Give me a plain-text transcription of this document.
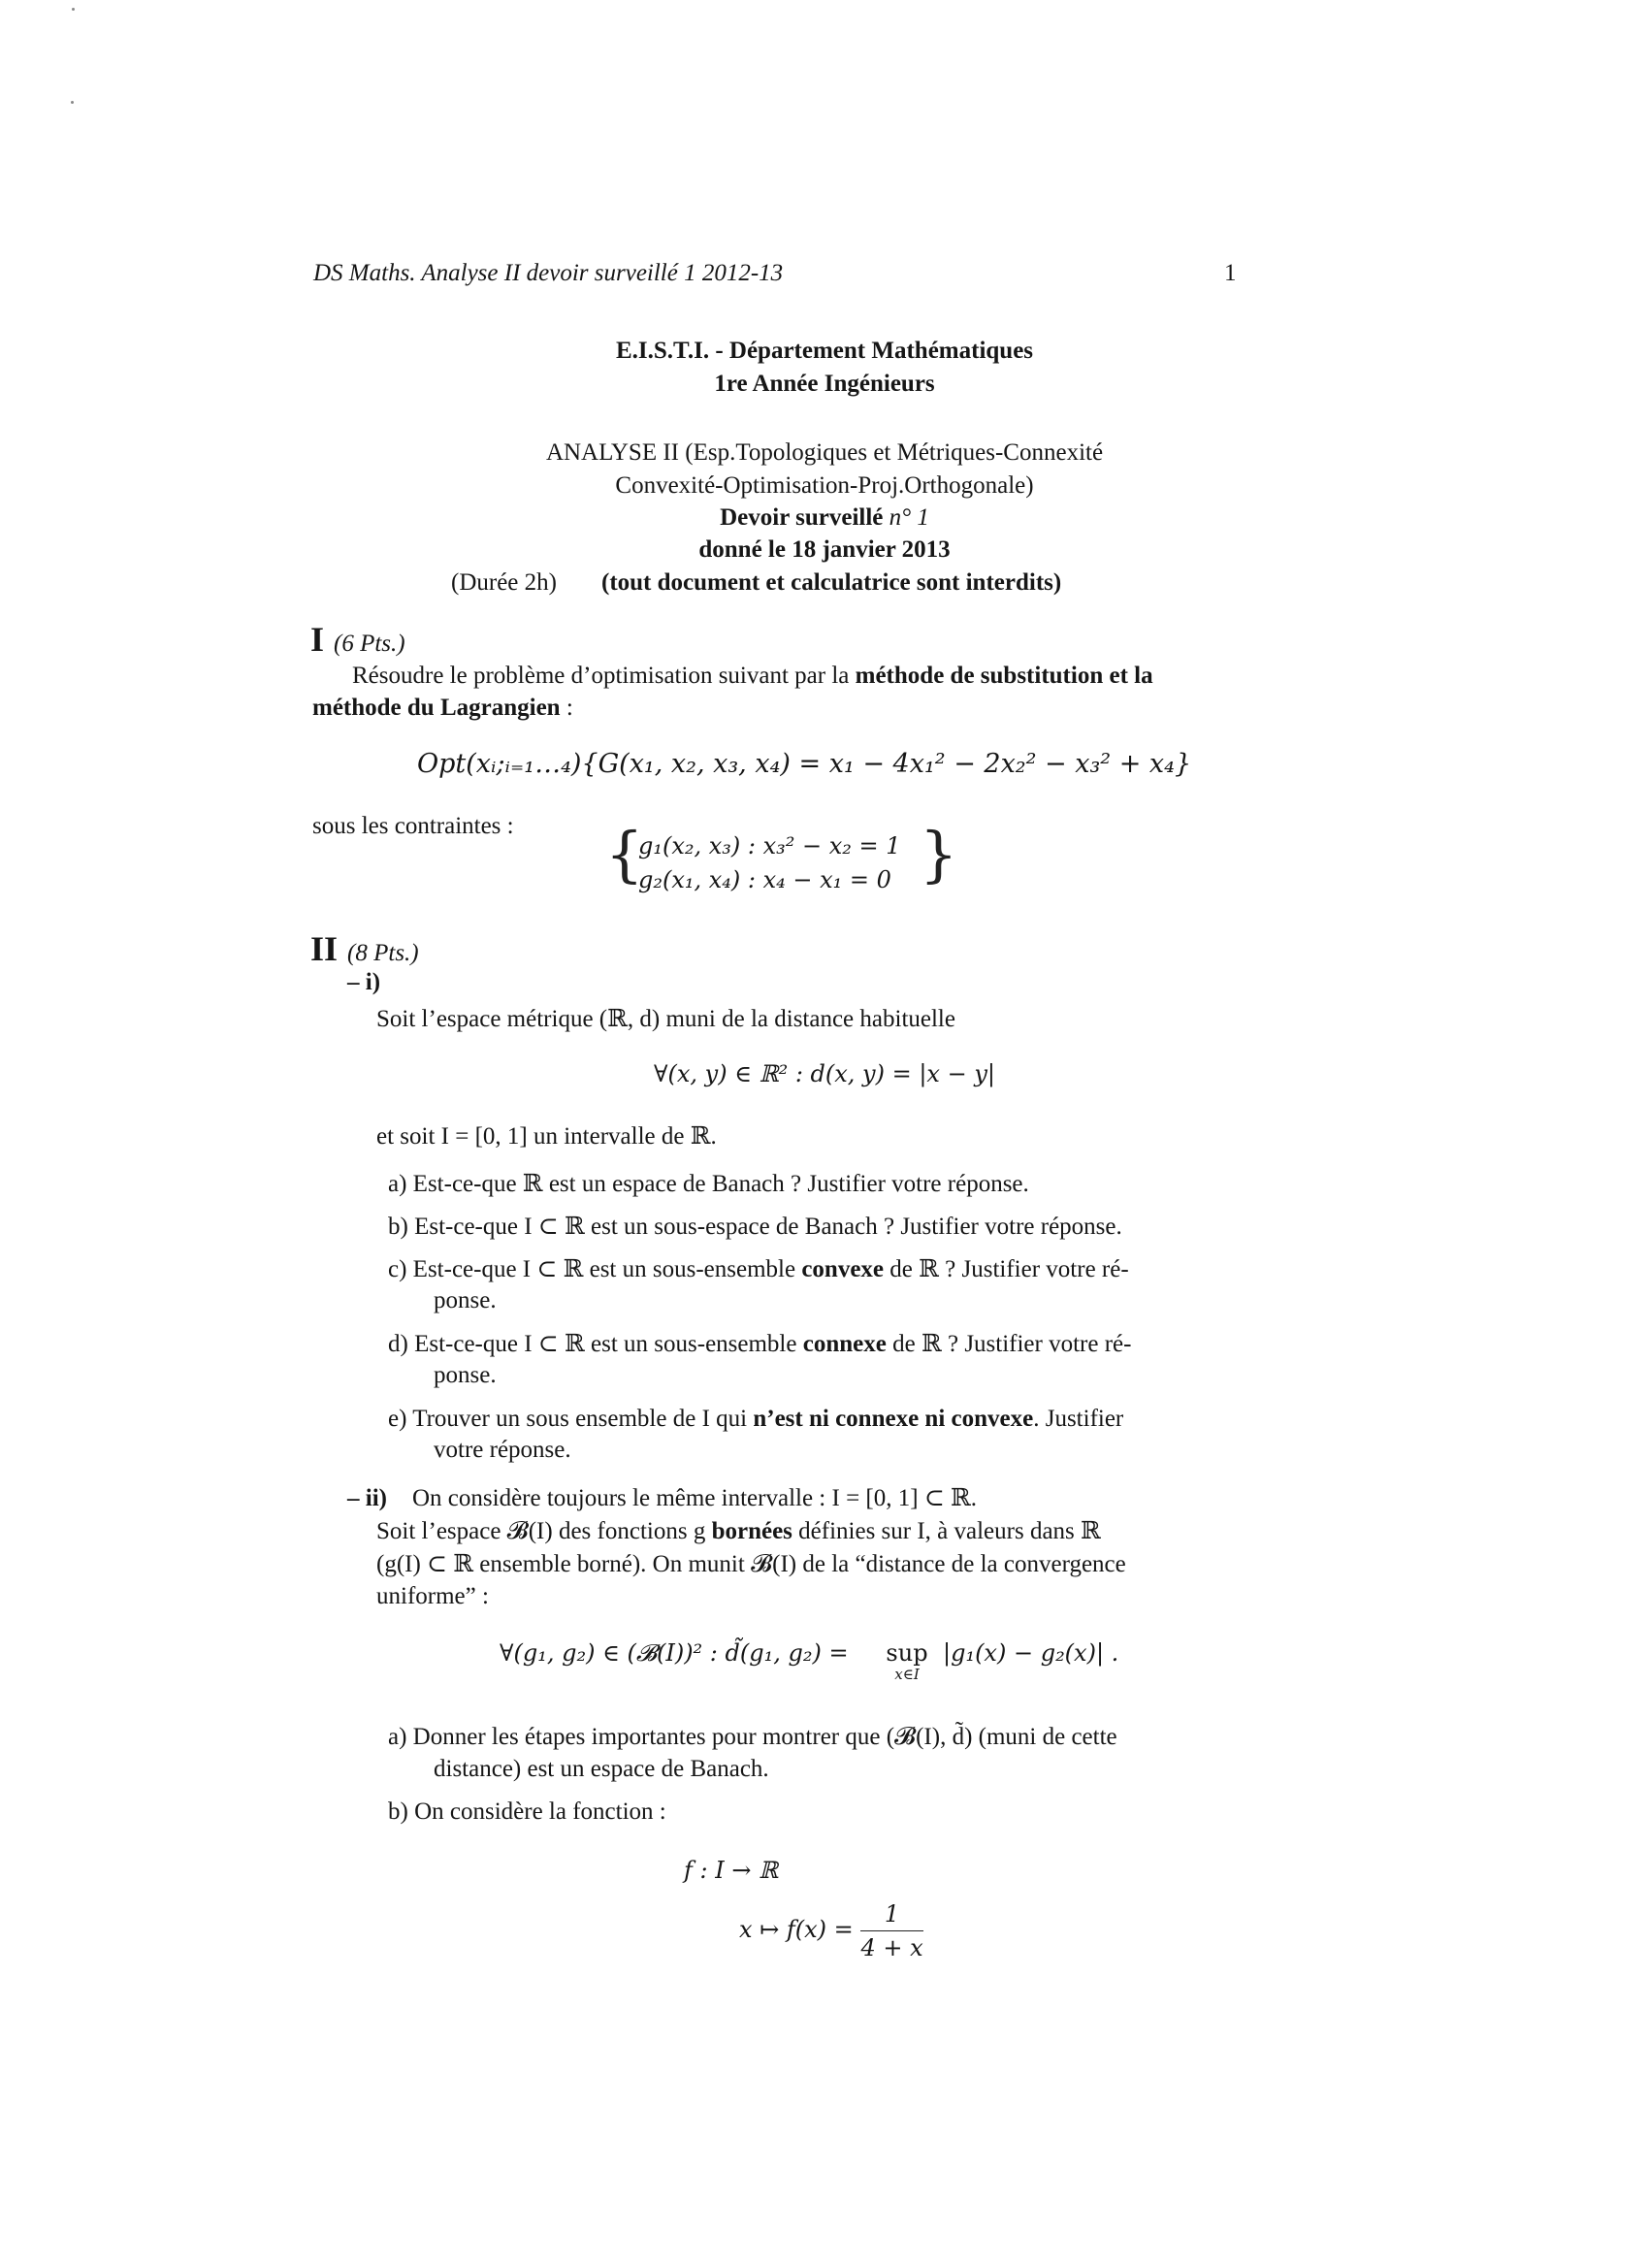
DS Maths. Analyse II devoir surveillé 1 2012-13	1
E.I.S.T.I. - Département Mathématiques
1re Année Ingénieurs
ANALYSE II (Esp.Topologiques et Métriques-Connexité
Convexité-Optimisation-Proj.Orthogonale)
Devoir surveillé n° 1
donné le 18 janvier 2013
(Durée 2h) (tout document et calculatrice sont interdits)
I (6 Pts.)
Résoudre le problème d’optimisation suivant par la méthode de substitution et la
méthode du Lagrangien :
Opt(xᵢ;ᵢ₌₁…₄){G(x₁, x₂, x₃, x₄) = x₁ − 4x₁² − 2x₂² − x₃² + x₄}
sous les contraintes : {
g₁(x₂, x₃) : x₃² − x₂ = 1
g₂(x₁, x₄) : x₄ − x₁ = 0 }
II (8 Pts.)
– i)
Soit l’espace métrique (ℝ, d) muni de la distance habituelle
∀(x, y) ∈ ℝ² : d(x, y) = |x − y|
et soit I = [0, 1] un intervalle de ℝ.
a) Est-ce-que ℝ est un espace de Banach ? Justifier votre réponse.
b) Est-ce-que I ⊂ ℝ est un sous-espace de Banach ? Justifier votre réponse.
c) Est-ce-que I ⊂ ℝ est un sous-ensemble convexe de ℝ ? Justifier votre ré-
ponse.
d) Est-ce-que I ⊂ ℝ est un sous-ensemble connexe de ℝ ? Justifier votre ré-
ponse.
e) Trouver un sous ensemble de I qui n’est ni connexe ni convexe. Justifier
votre réponse.
– ii) On considère toujours le même intervalle : I = [0, 1] ⊂ ℝ.
Soit l’espace 𝓑(I) des fonctions g bornées définies sur I, à valeurs dans ℝ
(g(I) ⊂ ℝ ensemble borné). On munit 𝓑(I) de la “distance de la convergence
uniforme” :
∀(g₁, g₂) ∈ (𝓑(I))² : d̃(g₁, g₂) =	sup
x∈I
|g₁(x) − g₂(x)| .
a) Donner les étapes importantes pour montrer que (𝓑(I), d̃) (muni de cette
distance) est un espace de Banach.
b) On considère la fonction :
f : I → ℝ
x ↦ $f(x) = \frac{1}{4 + x}$
